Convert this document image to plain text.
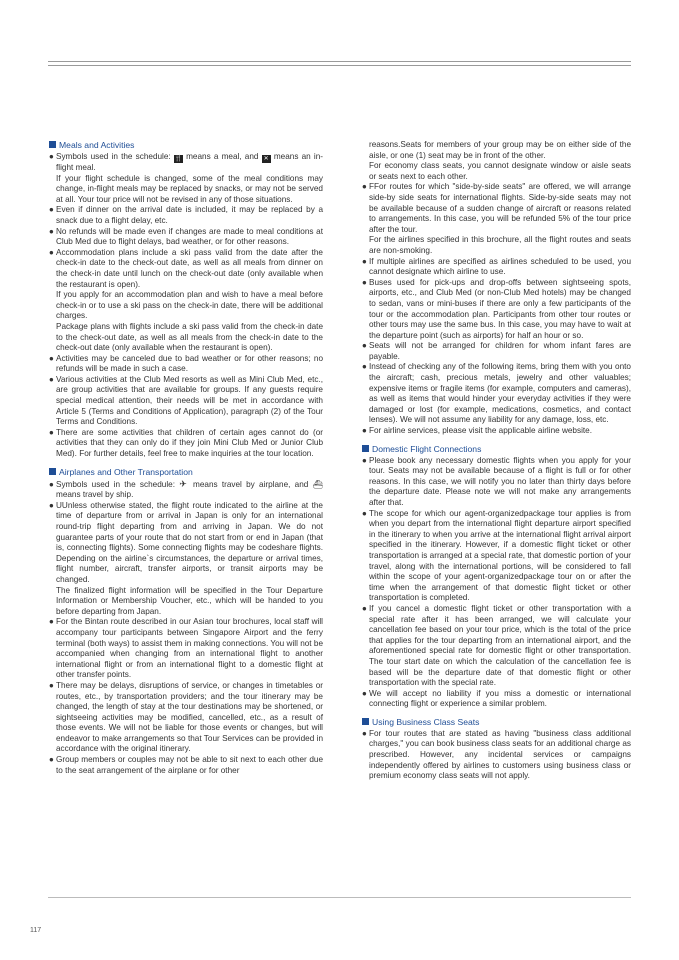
Meals and Activities

● Symbols used in the schedule: 🍴 means a meal, and ✕ means an in-flight meal.

If your flight schedule is changed, some of the meal conditions may change, in-flight meals may be replaced by snacks, or may not be served at all. Your tour price will not be revised in any of those situations.

● Even if dinner on the arrival date is included, it may be replaced by a snack due to a flight delay, etc.

● No refunds will be made even if changes are made to meal conditions at Club Med due to flight delays, bad weather, or for other reasons.

● Accommodation plans include a ski pass valid from the date after the check-in date to the check-out date, as well as all meals from dinner on the check-in date until lunch on the check-out date (only available when the restaurant is open).

If you apply for an accommodation plan and wish to have a meal before check-in or to use a ski pass on the check-in date, there will be additional charges.

Package plans with flights include a ski pass valid from the check-in date to the check-out date, as well as all meals from the check-in date to the check-out date (only available when the restaurant is open).

● Activities may be canceled due to bad weather or for other reasons; no refunds will be made in such a case.

● Various activities at the Club Med resorts as well as Mini Club Med, etc., are group activities that are available for groups. If any guests require special medical attention, their needs will be met in accordance with Article 5 (Terms and Conditions of Application), paragraph (2) of the Tour Terms and Conditions.

● There are some activities that children of certain ages cannot do (or activities that they can only do if they join Mini Club Med or Junior Club Med). For further details, feel free to make inquiries at the tour location.

Airplanes and Other Transportation

● Symbols used in the schedule: ✈ means travel by airplane, and ⛴ means travel by ship.

● UUnless otherwise stated, the flight route indicated to the airline at the time of departure from or arrival in Japan is only for an international round-trip flight departing from and arriving in Japan. We do not guarantee parts of your route that do not start from or end in Japan (that is, connecting flights). Some connecting flights may be codeshare flights. Depending on the airline`s circumstances, the departure or arrival times, flight number, aircraft, transfer airports, or transit airports may be changed.

The finalized flight information will be specified in the Tour Departure Information or Membership Voucher, etc., which will be handed to you before departing from Japan.

● For the Bintan route described in our Asian tour brochures, local staff will accompany tour participants between Singapore Airport and the ferry terminal (both ways) to assist them in making connections. You will not be accompanied when changing from an international flight to another international flight or from an international flight to a domestic flight at other transfer points.

● There may be delays, disruptions of service, or changes in timetables or routes, etc., by transportation providers; and the tour itinerary may be changed, the length of stay at the tour destinations may be shortened, or sightseeing activities may be modified, cancelled, etc., as a result of those events. We will not be liable for those events or changes, but will endeavor to make arrangements so that Tour Services can be provided in accordance with the original itinerary.

● Group members or couples may not be able to sit next to each other due to the seat arrangement of the airplane or for other

reasons.Seats for members of your group may be on either side of the aisle, or one (1) seat may be in front of the other.

For economy class seats, you cannot designate window or aisle seats or seats next to each other.

● FFor routes for which "side-by-side seats" are offered, we will arrange side-by side seats for international flights. Side-by-side seats may not be available because of a sudden change of aircraft or reasons related to arrangements. In this case, you will be refunded 5% of the tour price after the tour.

For the airlines specified in this brochure, all the flight routes and seats are non-smoking.

● If multiple airlines are specified as airlines scheduled to be used, you cannot designate which airline to use.

● Buses used for pick-ups and drop-offs between sightseeing spots, airports, etc., and Club Med (or non-Club Med hotels) may be changed to sedan, vans or mini-buses if there are only a few participants of the tour or the accommodation plan. Participants from other tour routes or other tours may use the same bus. In this case, you may have to wait at the departure point (such as airports) for half an hour or so.

● Seats will not be arranged for children for whom infant fares are payable.

● Instead of checking any of the following items, bring them with you onto the aircraft; cash, precious metals, jewelry and other valuables; expensive items or fragile items (for example, computers and cameras), as well as items that would hinder your everyday activities if they were damaged or lost (for example, medications, cosmetics, and contact lenses). We will not assume any liability for any damage, loss, etc.

● For airline services, please visit the applicable airline website.

Domestic Flight Connections

● Please book any necessary domestic flights when you apply for your tour. Seats may not be available because of a flight is full or for other reasons. In this case, we will notify you no later than thirty days before the departure date. Please note we will not make any arrangements after that.

● The scope for which our agent-organizedpackage tour applies is from when you depart from the international flight departure airport specified in the itinerary to when you arrive at the international flight arrival airport specified in the itinerary. However, if a domestic flight ticket or other transportation is arranged at a special rate, that domestic portion of your travel, along with the international portions, will be considered to fall within the scope of your agent-organizedpackage tour on or after the time when the arrangement of that domestic flight ticket or other transportation is completed.

● If you cancel a domestic flight ticket or other transportation with a special rate after it has been arranged, we will calculate your cancellation fee based on your tour price, which is the total of the price that applies for the tour departing from an international airport, and the aforementioned special rate for domestic flight or other transportation. The tour start date on which the calculation of the cancellation fee is based will be the departure date of that domestic flight or other transportation with the special rate.

● We will accept no liability if you miss a domestic or international connecting flight or experience a similar problem.

Using Business Class Seats

● For tour routes that are stated as having "business class additional charges," you can book business class seats for an additional charge as prescribed. However, any incidental services or campaigns independently offered by airlines to customers using business class or premium economy class seats will not apply.

117
